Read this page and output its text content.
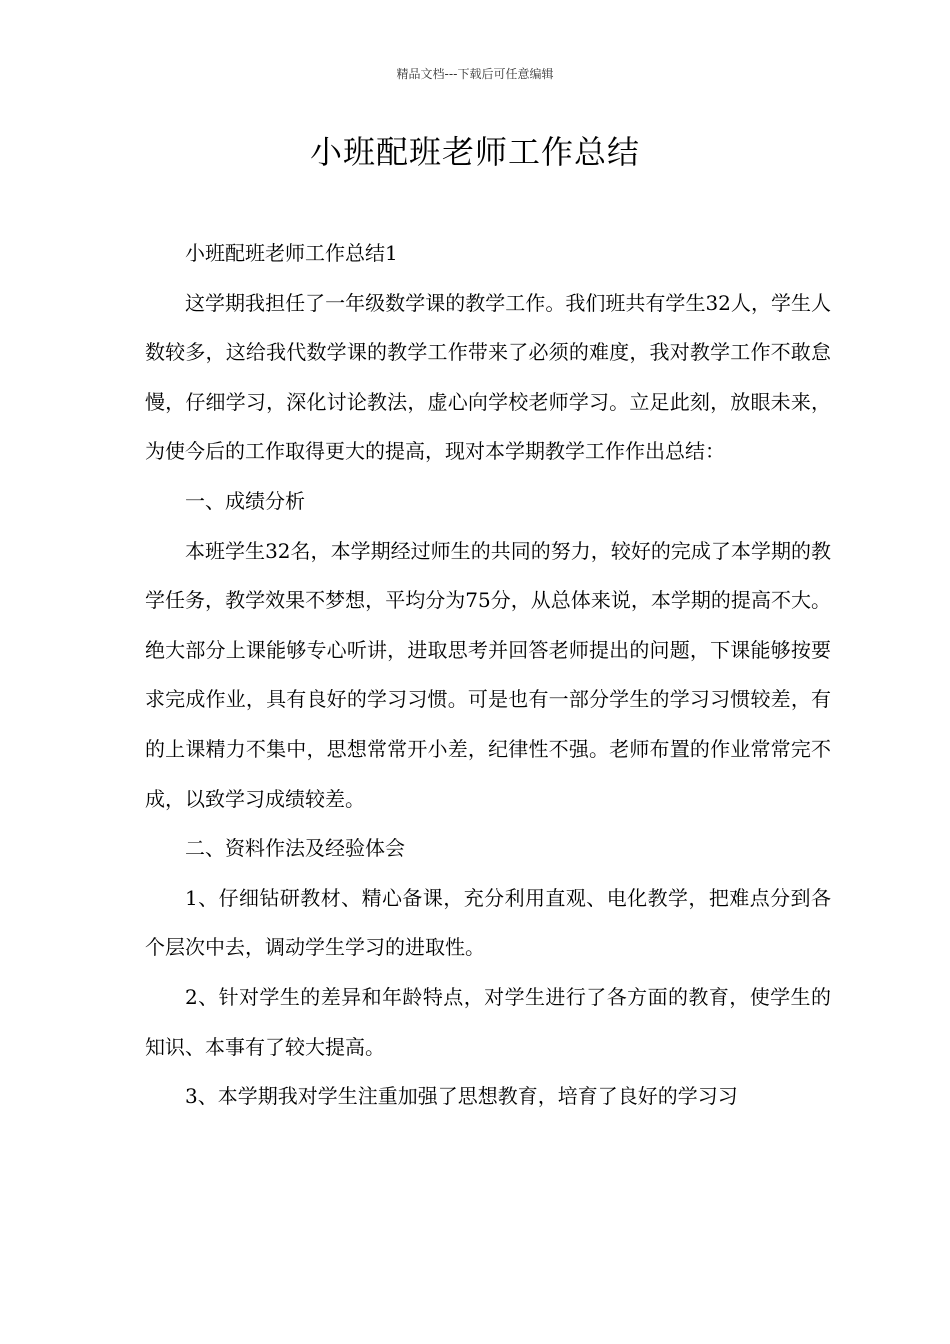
精品文档---下载后可任意编辑
小班配班老师工作总结

小班配班老师工作总结1

这学期我担任了一年级数学课的教学工作。我们班共有学生32人，学生人数较多，这给我代数学课的教学工作带来了必须的难度，我对教学工作不敢怠慢，仔细学习，深化讨论教法，虚心向学校老师学习。立足此刻，放眼未来，为使今后的工作取得更大的提高，现对本学期教学工作作出总结：

一、成绩分析

本班学生32名，本学期经过师生的共同的努力，较好的完成了本学期的教学任务，教学效果不梦想，平均分为75分，从总体来说，本学期的提高不大。绝大部分上课能够专心听讲，进取思考并回答老师提出的问题，下课能够按要求完成作业，具有良好的学习习惯。可是也有一部分学生的学习习惯较差，有的上课精力不集中，思想常常开小差，纪律性不强。老师布置的作业常常完不成，以致学习成绩较差。

二、资料作法及经验体会

1、仔细钻研教材、精心备课，充分利用直观、电化教学，把难点分到各个层次中去，调动学生学习的进取性。

2、针对学生的差异和年龄特点，对学生进行了各方面的教育，使学生的知识、本事有了较大提高。

3、本学期我对学生注重加强了思想教育，培育了良好的学习习
